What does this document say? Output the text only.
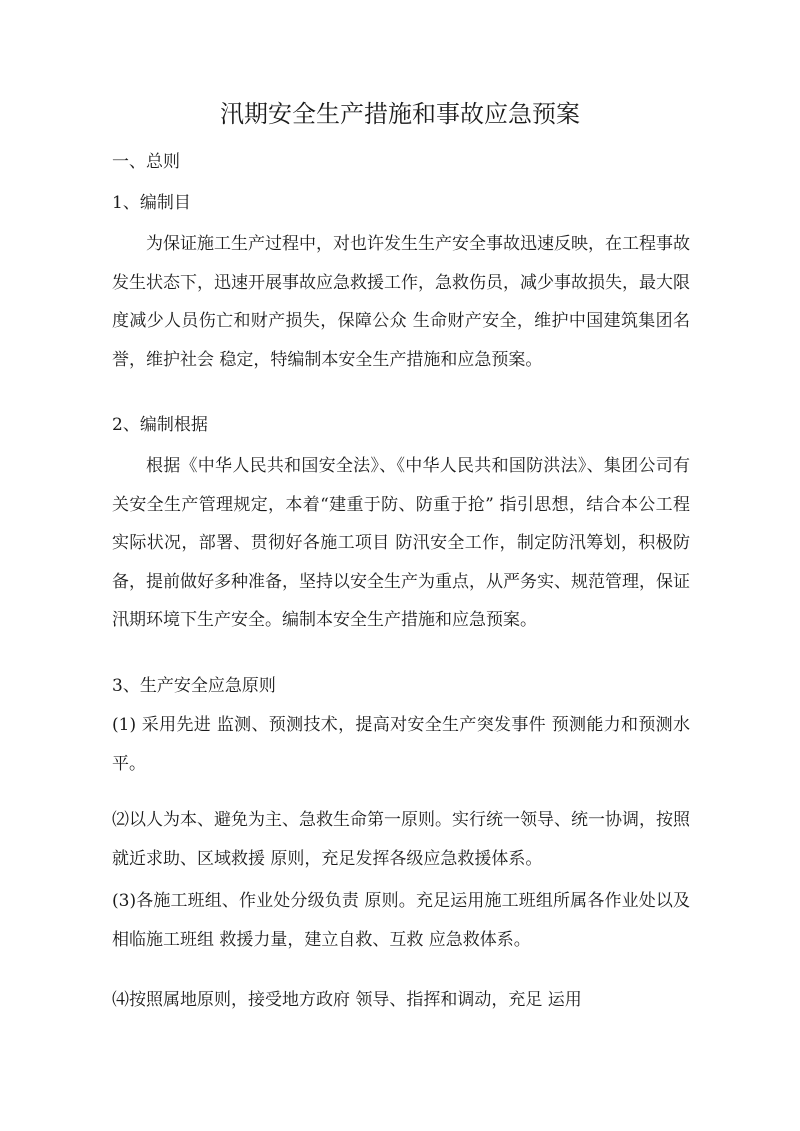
汛期安全生产措施和事故应急预案
一、总则
1、编制目
为保证施工生产过程中，对也许发生生产安全事故迅速反映，在工程事故发生状态下，迅速开展事故应急救援工作，急救伤员，减少事故损失，最大限度减少人员伤亡和财产损失，保障公众 生命财产安全，维护中国建筑集团名誉，维护社会 稳定，特编制本安全生产措施和应急预案。
2、编制根据
根据《中华人民共和国安全法》、《中华人民共和国防洪法》、集团公司有关安全生产管理规定，本着“建重于防、防重于抢” 指引思想，结合本公工程 实际状况，部署、贯彻好各施工项目 防汛安全工作，制定防汛筹划，积极防备，提前做好多种准备，坚持以安全生产为重点，从严务实、规范管理，保证汛期环境下生产安全。编制本安全生产措施和应急预案。
3、生产安全应急原则
(1) 采用先进 监测、预测技术，提高对安全生产突发事件 预测能力和预测水平。
⑵以人为本、避免为主、急救生命第一原则。实行统一领导、统一协调，按照就近求助、区域救援 原则，充足发挥各级应急救援体系。
(3)各施工班组、作业处分级负责 原则。充足运用施工班组所属各作业处以及相临施工班组 救援力量，建立自救、互救 应急救体系。
⑷按照属地原则，接受地方政府 领导、指挥和调动，充足 运用
